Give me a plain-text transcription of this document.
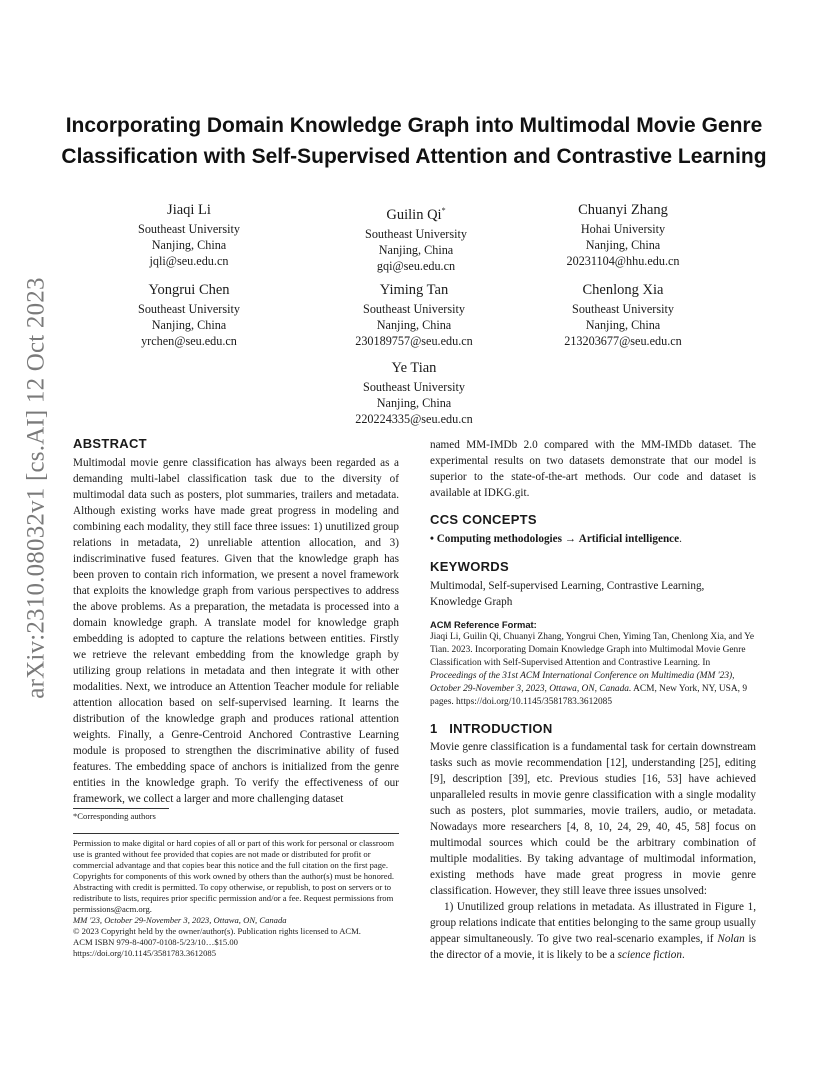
arXiv:2310.08032v1 [cs.AI] 12 Oct 2023
Incorporating Domain Knowledge Graph into Multimodal Movie Genre Classification with Self-Supervised Attention and Contrastive Learning
Jiaqi Li
Southeast University
Nanjing, China
jqli@seu.edu.cn
Guilin Qi*
Southeast University
Nanjing, China
gqi@seu.edu.cn
Chuanyi Zhang
Hohai University
Nanjing, China
20231104@hhu.edu.cn
Yongrui Chen
Southeast University
Nanjing, China
yrchen@seu.edu.cn
Yiming Tan
Southeast University
Nanjing, China
230189757@seu.edu.cn
Chenlong Xia
Southeast University
Nanjing, China
213203677@seu.edu.cn
Ye Tian
Southeast University
Nanjing, China
220224335@seu.edu.cn
ABSTRACT

Multimodal movie genre classification has always been regarded as a demanding multi-label classification task due to the diversity of multimodal data such as posters, plot summaries, trailers and metadata. Although existing works have made great progress in modeling and combining each modality, they still face three issues: 1) unutilized group relations in metadata, 2) unreliable attention allocation, and 3) indiscriminative fused features. Given that the knowledge graph has been proven to contain rich information, we present a novel framework that exploits the knowledge graph from various perspectives to address the above problems. As a preparation, the metadata is processed into a domain knowledge graph. A translate model for knowledge graph embedding is adopted to capture the relations between entities. Firstly we retrieve the relevant embedding from the knowledge graph by utilizing group relations in metadata and then integrate it with other modalities. Next, we introduce an Attention Teacher module for reliable attention allocation based on self-supervised learning. It learns the distribution of the knowledge graph and produces rational attention weights. Finally, a Genre-Centroid Anchored Contrastive Learning module is proposed to strengthen the discriminative ability of fused features. The embedding space of anchors is initialized from the genre entities in the knowledge graph. To verify the effectiveness of our framework, we collect a larger and more challenging dataset

*Corresponding authors

Permission to make digital or hard copies of all or part of this work for personal or classroom use is granted without fee provided that copies are not made or distributed for profit or commercial advantage and that copies bear this notice and the full citation on the first page. Copyrights for components of this work owned by others than the author(s) must be honored. Abstracting with credit is permitted. To copy otherwise, or republish, to post on servers or to redistribute to lists, requires prior specific permission and/or a fee. Request permissions from permissions@acm.org.

MM '23, October 29-November 3, 2023, Ottawa, ON, Canada

© 2023 Copyright held by the owner/author(s). Publication rights licensed to ACM.

ACM ISBN 979-8-4007-0108-5/23/10…$15.00

https://doi.org/10.1145/3581783.3612085

named MM-IMDb 2.0 compared with the MM-IMDb dataset. The experimental results on two datasets demonstrate that our model is superior to the state-of-the-art methods. Our code and dataset is available at IDKG.git.

CCS CONCEPTS

• Computing methodologies → Artificial intelligence.

KEYWORDS

Multimodal, Self-supervised Learning, Contrastive Learning, Knowledge Graph

ACM Reference Format:

Jiaqi Li, Guilin Qi, Chuanyi Zhang, Yongrui Chen, Yiming Tan, Chenlong Xia, and Ye Tian. 2023. Incorporating Domain Knowledge Graph into Multimodal Movie Genre Classification with Self-Supervised Attention and Contrastive Learning. In Proceedings of the 31st ACM International Conference on Multimedia (MM '23), October 29-November 3, 2023, Ottawa, ON, Canada. ACM, New York, NY, USA, 9 pages. https://doi.org/10.1145/3581783.3612085

1   INTRODUCTION

Movie genre classification is a fundamental task for certain downstream tasks such as movie recommendation [12], understanding [25], editing [9], description [39], etc. Previous studies [16, 53] have achieved unparalleled results in movie genre classification with a single modality such as posters, plot summaries, movie trailers, audio, or metadata. Nowadays more researchers [4, 8, 10, 24, 29, 40, 45, 58] focus on multimodal sources which could be the arbitrary combination of multiple modalities. By taking advantage of multimodal information, existing methods have made great progress in movie genre classification. However, they still leave three issues unsolved:

1) Unutilized group relations in metadata. As illustrated in Figure 1, group relations indicate that entities belonging to the same group usually appear simultaneously. To give two real-scenario examples, if Nolan is the director of a movie, it is likely to be a science fiction.
